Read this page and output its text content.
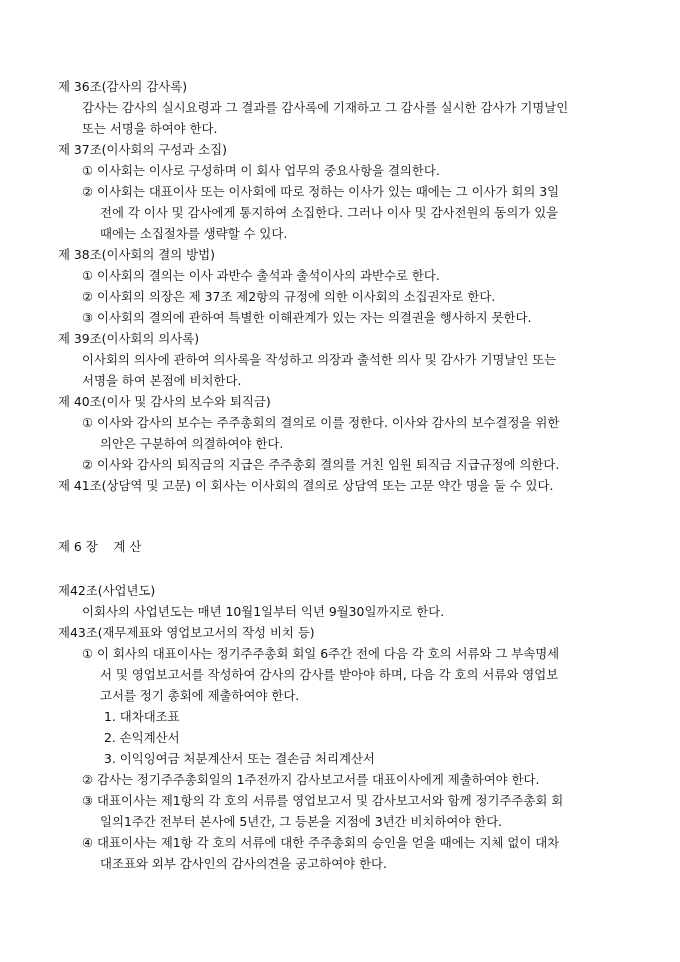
제 36조(감사의 감사록)
감사는 감사의 실시요령과 그 결과를 감사록에 기재하고 그 감사를 실시한 감사가 기명날인
또는 서명을 하여야 한다.
제 37조(이사회의 구성과 소집)
① 이사회는 이사로 구성하며 이 회사 업무의 중요사항을 결의한다.
② 이사회는 대표이사 또는 이사회에 따로 정하는 이사가 있는 때에는 그 이사가 회의 3일
전에 각 이사 및 감사에게 통지하여 소집한다. 그러나 이사 및 감사전원의 동의가 있을
때에는 소집절차를 생략할 수 있다.
제 38조(이사회의 결의 방법)
① 이사회의 결의는 이사 과반수 출석과 출석이사의 과반수로 한다.
② 이사회의 의장은 제 37조 제2항의 규정에 의한 이사회의 소집권자로 한다.
③ 이사회의 결의에 관하여 특별한 이해관계가 있는 자는 의결권을 행사하지 못한다.
제 39조(이사회의 의사록)
이사회의 의사에 관하여 의사록을 작성하고 의장과 출석한 의사 및 감사가 기명날인 또는
서명을 하여 본점에 비치한다.
제 40조(이사 및 감사의 보수와 퇴직금)
① 이사와 감사의 보수는 주주총회의 결의로 이를 정한다. 이사와 감사의 보수결정을 위한
의안은 구분하여 의결하여야 한다.
② 이사와 감사의 퇴직금의 지급은 주주총회 결의를 거친 임원 퇴직금 지급규정에 의한다.
제 41조(상담역 및 고문) 이 회사는 이사회의 결의로 상담역 또는 고문 약간 명을 둘 수 있다.
제 6 장    계 산
제42조(사업년도)
이회사의 사업년도는 매년 10월1일부터 익년 9월30일까지로 한다.
제43조(재무제표와 영업보고서의 작성 비치 등)
① 이 회사의 대표이사는 정기주주총회 회일 6주간 전에 다음 각 호의 서류와 그 부속명세
서 및 영업보고서를 작성하여 감사의 감사를 받아야 하며, 다음 각 호의 서류와 영업보
고서를 정기 총회에 제출하여야 한다.
1. 대차대조표
2. 손익계산서
3. 이익잉여금 처분계산서 또는 결손금 처리계산서
② 감사는 정기주주총회일의 1주전까지 감사보고서를 대표이사에게 제출하여야 한다.
③ 대표이사는 제1항의 각 호의 서류를 영업보고서 및 감사보고서와 함께 정기주주총회 회
일의1주간 전부터 본사에 5년간, 그 등본을 지점에 3년간 비치하여야 한다.
④ 대표이사는 제1항 각 호의 서류에 대한 주주총회의 승인을 얻을 때에는 지체 없이 대차
대조표와 외부 감사인의 감사의견을 공고하여야 한다.
